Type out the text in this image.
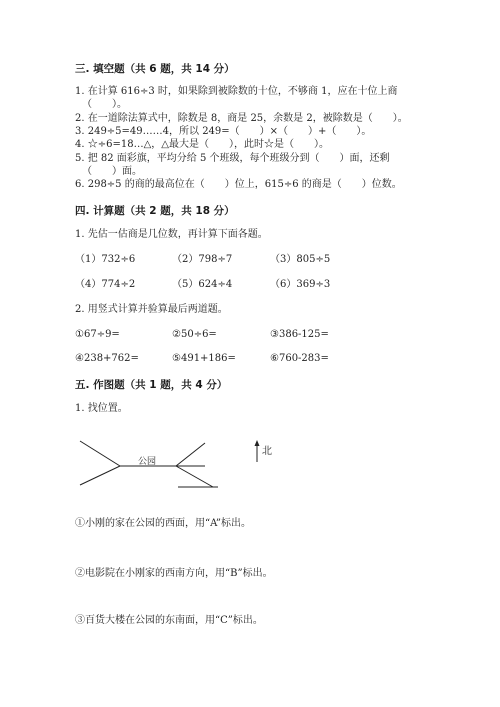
三. 填空题（共 6 题，共 14 分）
1. 在计算 616÷3 时，如果除到被除数的十位，不够商 1，应在十位上商
（　　）。
2. 在一道除法算式中，除数是 8，商是 25，余数是 2，被除数是（　　）。
3. 249÷5=49……4，所以 249=（　　）×（　　）+（　　）。
4. ☆÷6=18…△，△最大是（　　），此时☆是（　　）。
5. 把 82 面彩旗，平均分给 5 个班级，每个班级分到（　　）面，还剩
（　　）面。
6. 298÷5 的商的最高位在（　　）位上，615÷6 的商是（　　）位数。
四. 计算题（共 2 题，共 18 分）
1. 先估一估商是几位数，再计算下面各题。
（1）732÷6	（2）798÷7	（3）805÷5
（4）774÷2	（5）624÷4	（6）369÷3
2. 用竖式计算并验算最后两道题。
①67÷9=	②50÷6=	③386-125=
④238+762=	⑤491+186=	⑥760-283=
五. 作图题（共 1 题，共 4 分）
1. 找位置。
公园
北
①小刚的家在公园的西面，用“A”标出。
②电影院在小刚家的西南方向，用“B”标出。
③百货大楼在公园的东南面，用“C”标出。
